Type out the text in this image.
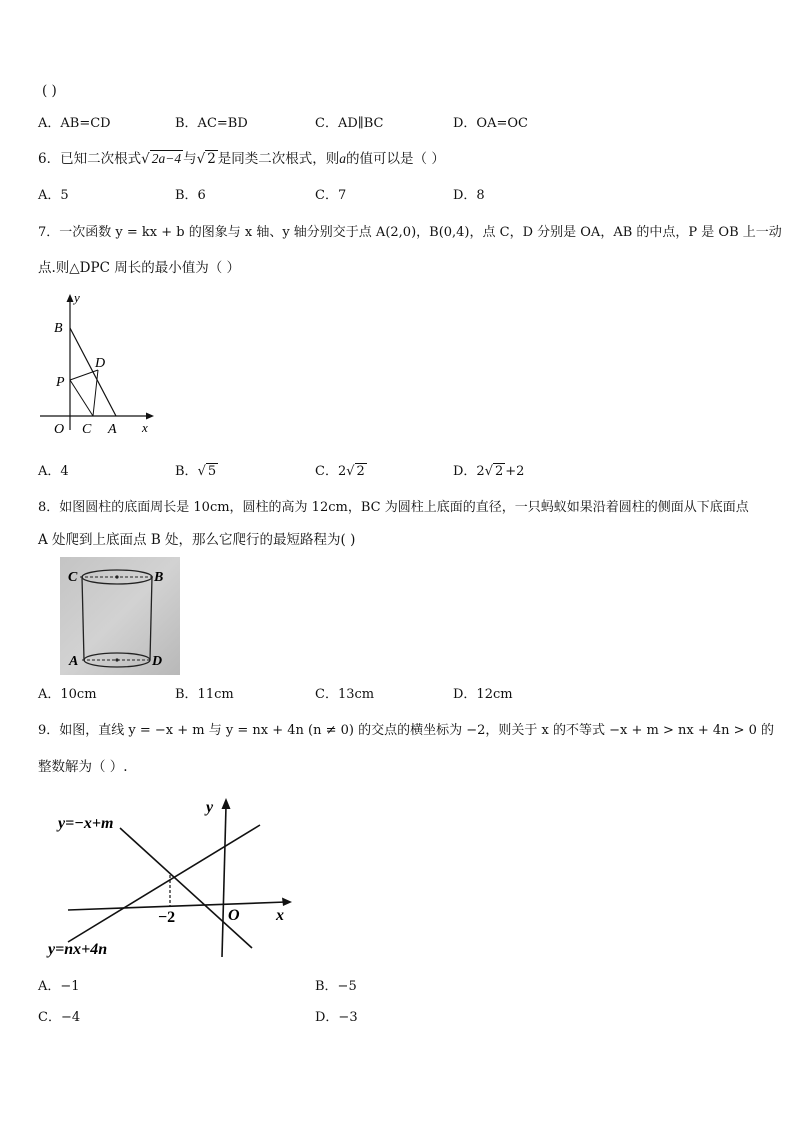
( )
A．AB=CD	B．AC=BD	C．AD∥BC	D．OA=OC
6．已知二次根式√ 2a−4 与√ 2 是同类二次根式，则a的值可以是（ ）
A．5	B．6	C．7	D．8
7．一次函数 y = kx + b 的图象与 x 轴、y 轴分别交于点 A(2,0)，B(0,4)，点 C，D 分别是 OA，AB 的中点，P 是 OB 上一动
点.则△DPC 周长的最小值为（ ）
y
B
D
P
O C A x
A．4	B．√ 5	C．2√ 2	D．2√ 2 +2
8．如图圆柱的底面周长是 10cm，圆柱的高为 12cm，BC 为圆柱上底面的直径，一只蚂蚁如果沿着圆柱的侧面从下底面点
A 处爬到上底面点 B 处，那么它爬行的最短路程为( )
C	B
A	D
A．10cm	B．11cm	C．13cm	D．12cm
9．如图，直线 y = −x + m 与 y = nx + 4n (n ≠ 0) 的交点的横坐标为 −2，则关于 x 的不等式 −x + m > nx + 4n > 0 的
整数解为（ ）.
y=−x+m
y=nx+4n
y
x
O
−2
A．−1	B．−5
C．−4	D．−3
